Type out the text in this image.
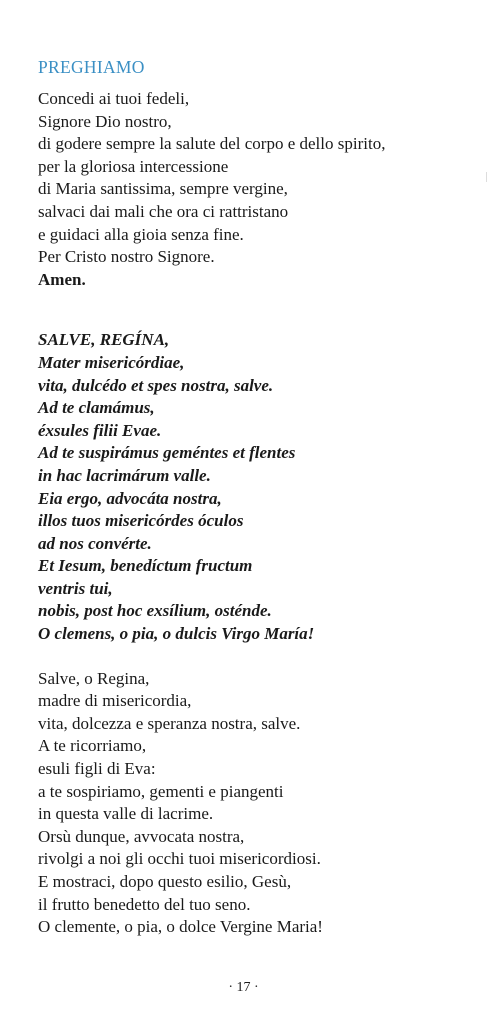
PREGHIAMO
Concedi ai tuoi fedeli,
Signore Dio nostro,
di godere sempre la salute del corpo e dello spirito,
per la gloriosa intercessione
di Maria santissima, sempre vergine,
salvaci dai mali che ora ci rattristano
e guidaci alla gioia senza fine.
Per Cristo nostro Signore.
Amen.
SALVE, REGÍNA,
Mater misericórdiae,
vita, dulcédo et spes nostra, salve.
Ad te clamámus,
éxsules filii Evae.
Ad te suspirámus geméntes et flentes
in hac lacrimárum valle.
Eia ergo, advocáta nostra,
illos tuos misericórdes óculos
ad nos convérte.
Et Iesum, benedíctum fructum
ventris tui,
nobis, post hoc exsílium, osténde.
O clemens, o pia, o dulcis Virgo María!
Salve, o Regina,
madre di misericordia,
vita, dolcezza e speranza nostra, salve.
A te ricorriamo,
esuli figli di Eva:
a te sospiriamo, gementi e piangenti
in questa valle di lacrime.
Orsù dunque, avvocata nostra,
rivolgi a noi gli occhi tuoi misericordiosi.
E mostraci, dopo questo esilio, Gesù,
il frutto benedetto del tuo seno.
O clemente, o pia, o dolce Vergine Maria!
· 17 ·
